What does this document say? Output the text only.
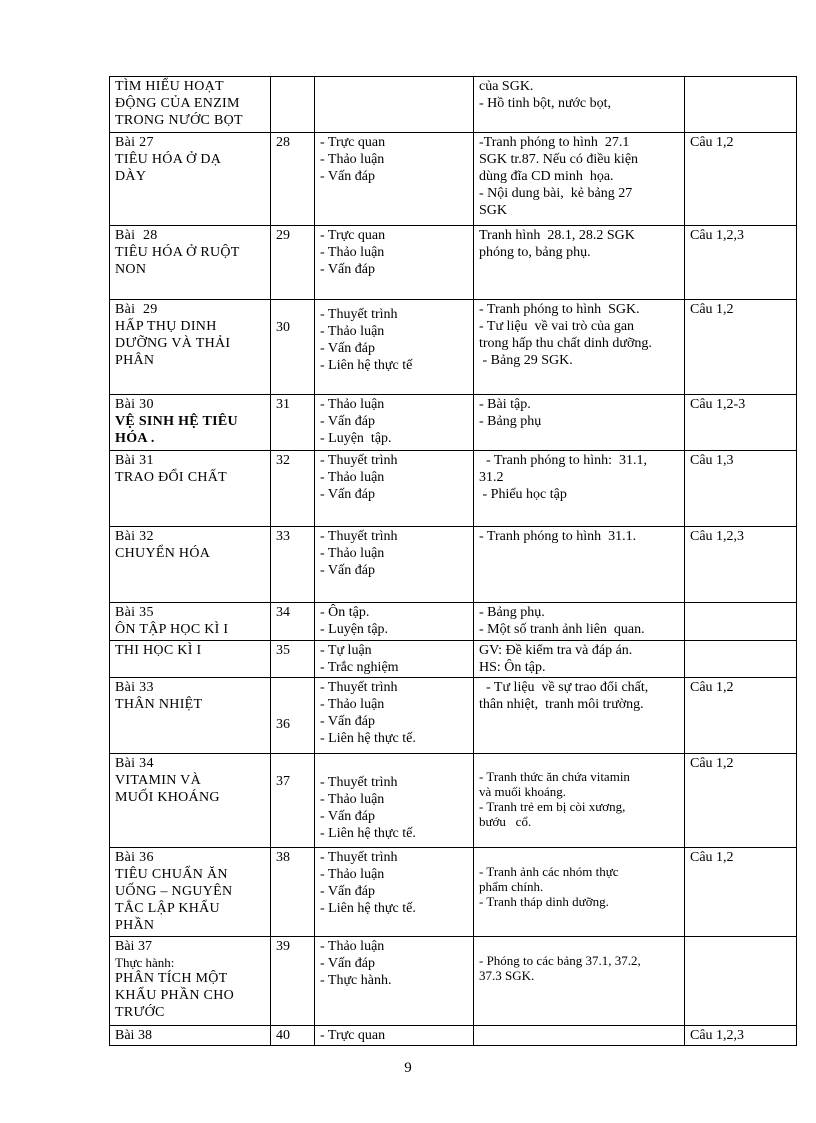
TÌM HIỂU HOẠT
ĐỘNG CỦA ENZIM
TRONG NƯỚC BỌT			của SGK.
- Hồ tinh bột, nước bọt,	

Bài 27
TIÊU HÓA Ở DẠ
DÀY	28	- Trực quan
- Thảo luận
- Vấn đáp	-Tranh phóng to hình  27.1
SGK tr.87. Nếu có điều kiện
dùng đĩa CD minh  họa.
- Nội dung bài,  kẻ bảng 27
SGK	Câu 1,2

Bài  28
TIÊU HÓA Ở RUỘT
NON	29	- Trực quan
- Thảo luận
- Vấn đáp	Tranh hình  28.1, 28.2 SGK
phóng to, bảng phụ.	Câu 1,2,3

Bài  29
HẤP THỤ DINH
DƯỠNG VÀ THẢI
PHÂN	30	- Thuyết trình
- Thảo luận
- Vấn đáp
- Liên hệ thực tế	- Tranh phóng to hình  SGK.
- Tư liệu  về vai trò của gan
trong hấp thu chất dinh dưỡng.
- Bảng 29 SGK.	Câu 1,2

Bài 30
VỆ SINH HỆ TIÊU
HÓA .	31	- Thảo luận
- Vấn đáp
- Luyện  tập.	- Bài tập.
- Bảng phụ	Câu 1,2-3

Bài 31
TRAO ĐỔI CHẤT	32	- Thuyết trình
- Thảo luận
- Vấn đáp	- Tranh phóng to hình:  31.1,
31.2
- Phiếu học tập	Câu 1,3

Bài 32
CHUYỂN HÓA	33	- Thuyết trình
- Thảo luận
- Vấn đáp	- Tranh phóng to hình  31.1.	Câu 1,2,3

Bài 35
ÔN TẬP HỌC KÌ I	34	- Ôn tập.
- Luyện tập.	- Bảng phụ.
- Một số tranh ảnh liên  quan.	

THI HỌC KÌ I	35	- Tự luận
- Trắc nghiệm	GV: Đề kiểm tra và đáp án.
HS: Ôn tập.	

Bài 33
THÂN NHIỆT	36	- Thuyết trình
- Thảo luận
- Vấn đáp
- Liên hệ thực tế.	- Tư liệu  về sự trao đổi chất,
thân nhiệt,  tranh môi trường.	Câu 1,2

Bài 34
VITAMIN VÀ
MUỐI KHOÁNG	37	- Thuyết trình
- Thảo luận
- Vấn đáp
- Liên hệ thực tế.	- Tranh thức ăn chứa vitamin
và muối khoáng.
- Tranh trẻ em bị còi xương,
bướu   cổ.	Câu 1,2

Bài 36
TIÊU CHUẨN ĂN
UỐNG – NGUYÊN
TẮC LẬP KHẨU
PHẦN	38	- Thuyết trình
- Thảo luận
- Vấn đáp
- Liên hệ thực tế.	- Tranh ảnh các nhóm thực
phẩm chính.
- Tranh tháp dinh dưỡng.	Câu 1,2

Bài 37
Thực hành:
PHÂN TÍCH MỘT
KHẨU PHẦN CHO
TRƯỚC	39	- Thảo luận
- Vấn đáp
- Thực hành.	- Phóng to các bảng 37.1, 37.2,
37.3 SGK.	

Bài 38	40	- Trực quan		Câu 1,2,3
9
